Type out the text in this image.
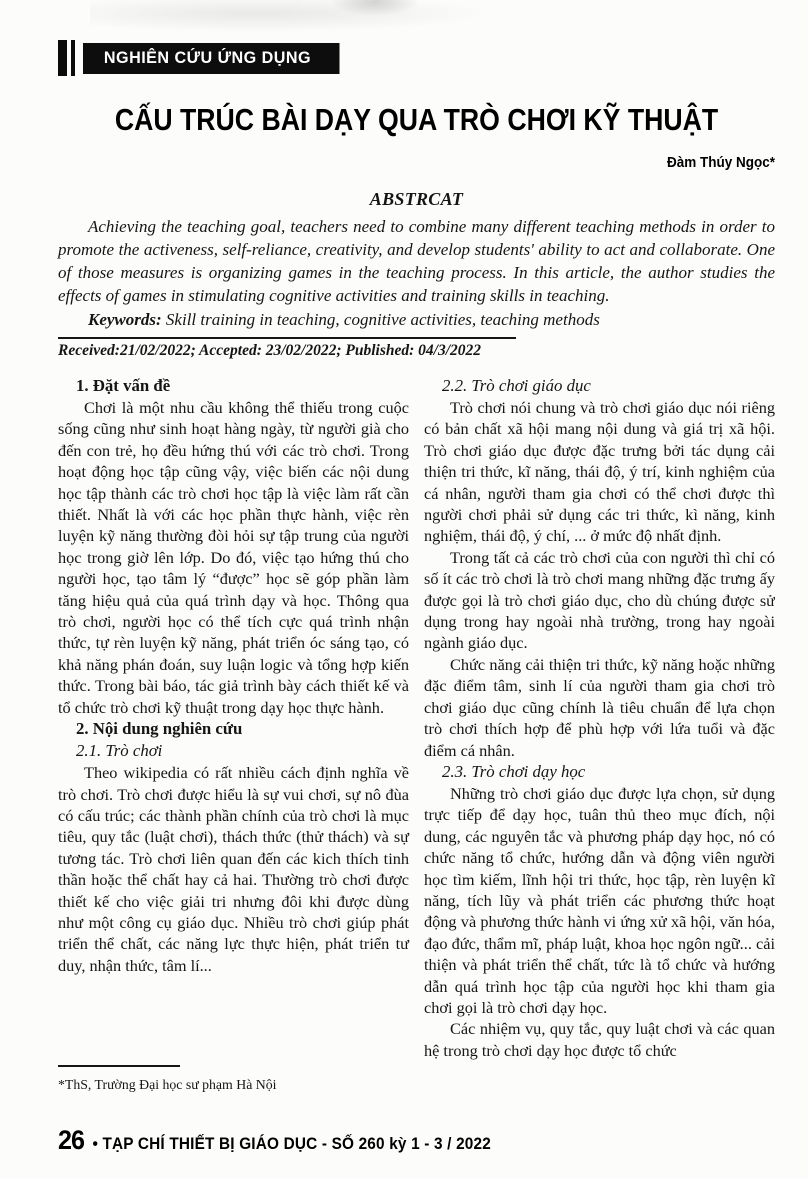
NGHIÊN CỨU ỨNG DỤNG
CẤU TRÚC BÀI DẠY QUA TRÒ CHƠI KỸ THUẬT
Đàm Thúy Ngọc*
ABSTRCAT

Achieving the teaching goal, teachers need to combine many different teaching methods in order to promote the activeness, self-reliance, creativity, and develop students' ability to act and collaborate. One of those measures is organizing games in the teaching process. In this article, the author studies the effects of games in stimulating cognitive activities and training skills in teaching.

Keywords: Skill training in teaching, cognitive activities, teaching methods

Received:21/02/2022; Accepted: 23/02/2022; Published: 04/3/2022

1. Đặt vấn đề

Chơi là một nhu cầu không thể thiếu trong cuộc sống cũng như sinh hoạt hàng ngày, từ người già cho đến con trẻ, họ đều hứng thú với các trò chơi. Trong hoạt động học tập cũng vậy, việc biến các nội dung học tập thành các trò chơi học tập là việc làm rất cần thiết. Nhất là với các học phần thực hành, việc rèn luyện kỹ năng thường đòi hỏi sự tập trung của người học trong giờ lên lớp. Do đó, việc tạo hứng thú cho người học, tạo tâm lý “được” học sẽ góp phần làm tăng hiệu quả của quá trình dạy và học. Thông qua trò chơi, người học có thể tích cực quá trình nhận thức, tự rèn luyện kỹ năng, phát triển óc sáng tạo, có khả năng phán đoán, suy luận logic và tổng hợp kiến thức. Trong bài báo, tác giả trình bày cách thiết kế và tổ chức trò chơi kỹ thuật trong dạy học thực hành.

2. Nội dung nghiên cứu
2.1. Trò chơi

Theo wikipedia có rất nhiều cách định nghĩa về trò chơi. Trò chơi được hiểu là sự vui chơi, sự nô đùa có cấu trúc; các thành phần chính của trò chơi là mục tiêu, quy tắc (luật chơi), thách thức (thử thách) và sự tương tác. Trò chơi liên quan đến các kich thích tinh thần hoặc thể chất hay cả hai. Thường trò chơi được thiết kế cho việc giải tri nhưng đôi khi được dùng như một công cụ giáo dục. Nhiều trò chơi giúp phát triển thể chất, các năng lực thực hiện, phát triển tư duy, nhận thức, tâm lí...

*ThS, Trường Đại học sư phạm Hà Nội

2.2. Trò chơi giáo dục

Trò chơi nói chung và trò chơi giáo dục nói riêng có bản chất xã hội mang nội dung và giá trị xã hội. Trò chơi giáo dục được đặc trưng bởi tác dụng cải thiện tri thức, kĩ năng, thái độ, ý trí, kinh nghiệm của cá nhân, người tham gia chơi có thể chơi được thì người chơi phải sử dụng các tri thức, kì năng, kinh nghiệm, thái độ, ý chí, ... ở mức độ nhất định.

Trong tất cả các trò chơi của con người thì chỉ có số ít các trò chơi là trò chơi mang những đặc trưng ấy được gọi là trò chơi giáo dục, cho dù chúng được sử dụng trong hay ngoài nhà trường, trong hay ngoài ngành giáo dục.

Chức năng cải thiện tri thức, kỹ năng hoặc những đặc điểm tâm, sinh lí của người tham gia chơi trò chơi giáo dục cũng chính là tiêu chuẩn để lựa chọn trò chơi thích hợp để phù hợp với lứa tuổi và đặc điểm cá nhân.

2.3. Trò chơi dạy học

Những trò chơi giáo dục được lựa chọn, sử dụng trực tiếp để dạy học, tuân thủ theo mục đích, nội dung, các nguyên tắc và phương pháp dạy học, nó có chức năng tổ chức, hướng dẫn và động viên người học tìm kiếm, lĩnh hội tri thức, học tập, rèn luyện kĩ năng, tích lũy và phát triển các phương thức hoạt động và phương thức hành vi ứng xử xã hội, văn hóa, đạo đức, thẩm mĩ, pháp luật, khoa học ngôn ngữ... cải thiện và phát triển thể chất, tức là tổ chức và hướng dẫn quá trình học tập của người học khi tham gia chơi gọi là trò chơi dạy học.

Các nhiệm vụ, quy tắc, quy luật chơi và các quan hệ trong trò chơi dạy học được tổ chức

26 • TẠP CHÍ THIẾT BỊ GIÁO DỤC - SỐ 260 kỳ 1 - 3 / 2022
